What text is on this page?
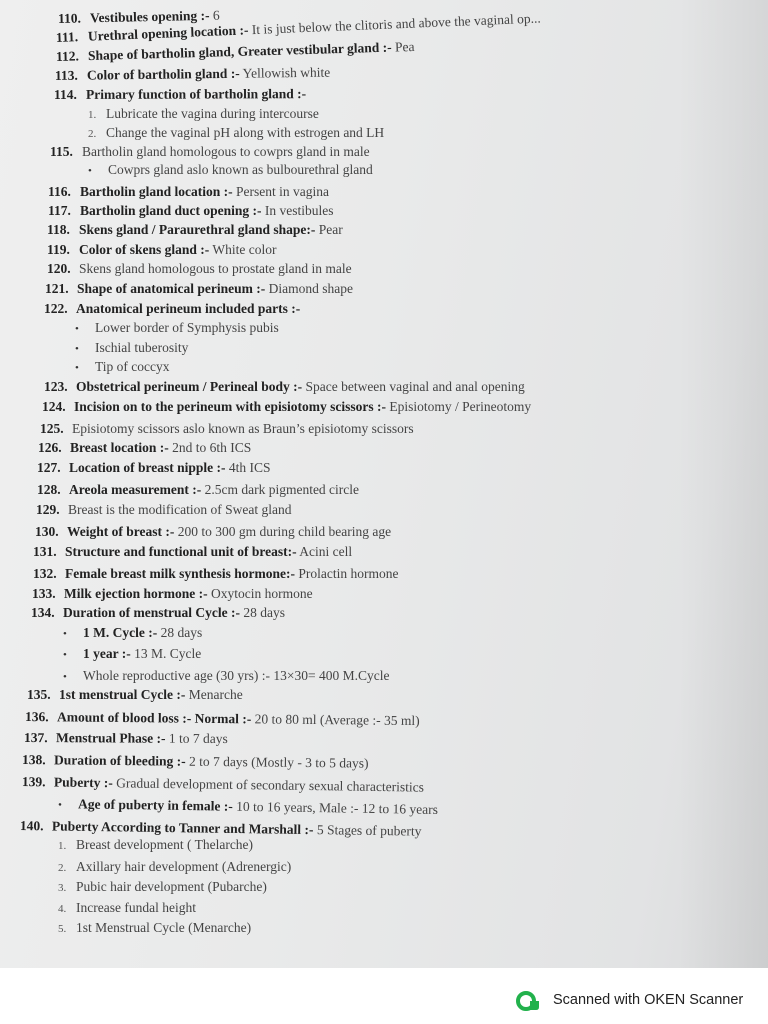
110. Vestibules opening :- 6
111. Urethral opening location :- It is just below the clitoris and above the vaginal op...
112. Shape of bartholin gland, Greater vestibular gland :- Pea
113. Color of bartholin gland :- Yellowish white
114. Primary function of bartholin gland :-
1. Lubricate the vagina during intercourse
2. Change the vaginal pH along with estrogen and LH
115. Bartholin gland homologous to cowprs gland in male
• Cowprs gland aslo known as bulbourethral gland
116. Bartholin gland location :- Persent in vagina
117. Bartholin gland duct opening :- In vestibules
118. Skens gland / Paraurethral gland shape:- Pear
119. Color of skens gland :- White color
120. Skens gland homologous to prostate gland in male
121. Shape of anatomical perineum :- Diamond shape
122. Anatomical perineum included parts :-
• Lower border of Symphysis pubis
• Ischial tuberosity
• Tip of coccyx
123. Obstetrical perineum / Perineal body :- Space between vaginal and anal opening
124. Incision on to the perineum with episiotomy scissors :- Episiotomy / Perineotomy
125. Episiotomy scissors aslo known as Braun’s episiotomy scissors
126. Breast location :- 2nd to 6th ICS
127. Location of breast nipple :- 4th ICS
128. Areola measurement :- 2.5cm dark pigmented circle
129. Breast is the modification of Sweat gland
130. Weight of breast :- 200 to 300 gm during child bearing age
131. Structure and functional unit of breast:- Acini cell
132. Female breast milk synthesis hormone:- Prolactin hormone
133. Milk ejection hormone :- Oxytocin hormone
134. Duration of menstrual Cycle :- 28 days
• 1 M. Cycle :- 28 days
• 1 year :- 13 M. Cycle
• Whole reproductive age (30 yrs) :- 13×30= 400 M.Cycle
135. 1st menstrual Cycle :- Menarche
136. Amount of blood loss :- Normal :- 20 to 80 ml (Average :- 35 ml)
137. Menstrual Phase :- 1 to 7 days
138. Duration of bleeding :- 2 to 7 days (Mostly - 3 to 5 days)
139. Puberty :- Gradual development of secondary sexual characteristics
• Age of puberty in female :- 10 to 16 years, Male :- 12 to 16 years
140. Puberty According to Tanner and Marshall :- 5 Stages of puberty
1. Breast development ( Thelarche)
2. Axillary hair development (Adrenergic)
3. Pubic hair development (Pubarche)
4. Increase fundal height
5. 1st Menstrual Cycle (Menarche)
Scanned with OKEN Scanner
